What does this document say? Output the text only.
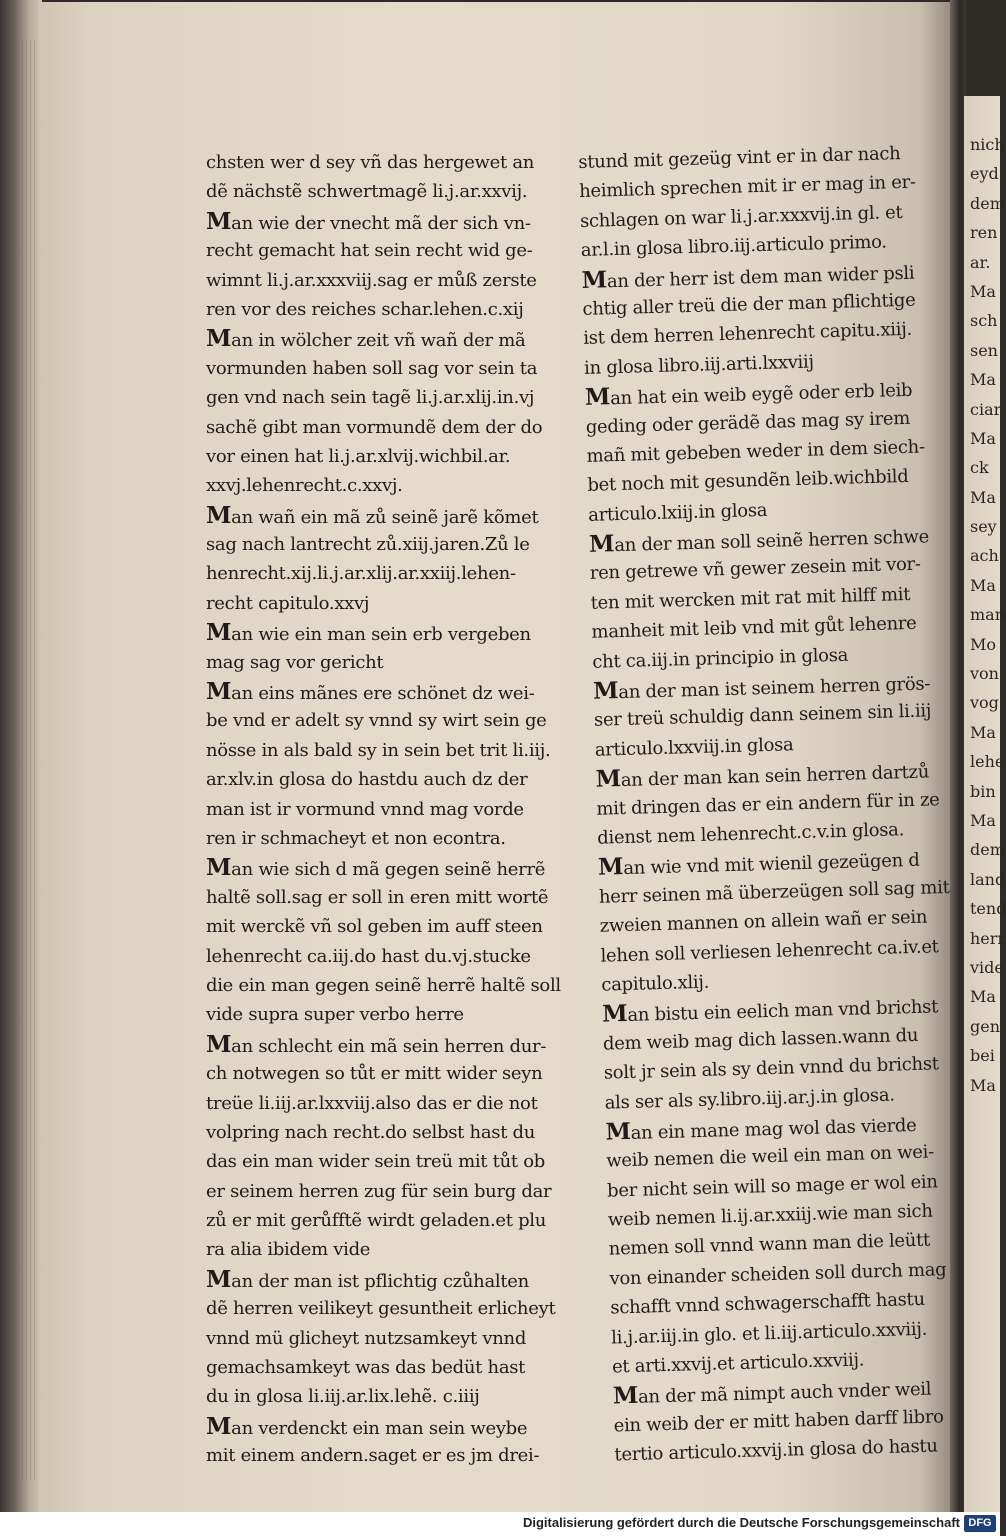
chsten wer d sey vñ das hergewet an
dẽ nächstẽ schwertmagẽ li.j.ar.xxvij.
Man wie der vnecht mã der sich vn-
recht gemacht hat sein recht wid ge-
wimnt li.j.ar.xxxviij.sag er můß zerste
ren vor des reiches schar.lehen.c.xij
Man in wölcher zeit vñ wañ der mã
vormunden haben soll sag vor sein ta
gen vnd nach sein tagẽ li.j.ar.xlij.in.vj
sachẽ gibt man vormundẽ dem der do
vor einen hat li.j.ar.xlvij.wichbil.ar.
xxvj.lehenrecht.c.xxvj.
Man wañ ein mã zů seinẽ jarẽ kõmet
sag nach lantrecht zů.xiij.jaren.Zů le
henrecht.xij.li.j.ar.xlij.ar.xxiij.lehen-
recht capitulo.xxvj
Man wie ein man sein erb vergeben
mag sag vor gericht
Man eins mãnes ere schönet dz wei-
be vnd er adelt sy vnnd sy wirt sein ge
nösse in als bald sy in sein bet trit li.iij.
ar.xlv.in glosa do hastdu auch dz der
man ist ir vormund vnnd mag vorde
ren ir schmacheyt et non econtra.
Man wie sich d mã gegen seinẽ herrẽ
haltẽ soll.sag er soll in eren mitt wortẽ
mit werckẽ vñ sol geben im auff steen
lehenrecht ca.iij.do hast du.vj.stucke
die ein man gegen seinẽ herrẽ haltẽ soll
vide supra super verbo herre
Man schlecht ein mã sein herren dur-
ch notwegen so tůt er mitt wider seyn
treüe li.iij.ar.lxxviij.also das er die not
volpring nach recht.do selbst hast du
das ein man wider sein treü mit tůt ob
er seinem herren zug für sein burg dar
zů er mit gerůfftẽ wirdt geladen.et plu
ra alia ibidem vide
Man der man ist pflichtig czůhalten
dẽ herren veilikeyt gesuntheit erlicheyt
vnnd mü glicheyt nutzsamkeyt vnnd
gemachsamkeyt was das bedüt hast
du in glosa li.iij.ar.lix.lehẽ. c.iiij
Man verdenckt ein man sein weybe
mit einem andern.saget er es jm drei-
stund mit gezeüg vint er in dar nach
heimlich sprechen mit ir er mag in er-
schlagen on war li.j.ar.xxxvij.in gl. et
ar.l.in glosa libro.iij.articulo primo.
Man der herr ist dem man wider psli
chtig aller treü die der man pflichtige
ist dem herren lehenrecht capitu.xiij.
in glosa libro.iij.arti.lxxviij
Man hat ein weib eygẽ oder erb leib
geding oder gerädẽ das mag sy irem
mañ mit gebeben weder in dem siech-
bet noch mit gesundẽn leib.wichbild
articulo.lxiij.in glosa
Man der man soll seinẽ herren schwe
ren getrewe vñ gewer zesein mit vor-
ten mit wercken mit rat mit hilff mit
manheit mit leib vnd mit gůt lehenre
cht ca.iij.in principio in glosa
Man der man ist seinem herren grös-
ser treü schuldig dann seinem sin li.iij
articulo.lxxviij.in glosa
Man der man kan sein herren dartzů
mit dringen das er ein andern für in ze
dienst nem lehenrecht.c.v.in glosa.
Man wie vnd mit wienil gezeügen d
herr seinen mã überzeügen soll sag mit
zweien mannen on allein wañ er sein
lehen soll verliesen lehenrecht ca.iv.et
capitulo.xlij.
Man bistu ein eelich man vnd brichst
dem weib mag dich lassen.wann du
solt jr sein als sy dein vnnd du brichst
als ser als sy.libro.iij.ar.j.in glosa.
Man ein mane mag wol das vierde
weib nemen die weil ein man on wei-
ber nicht sein will so mage er wol ein
weib nemen li.ij.ar.xxiij.wie man sich
nemen soll vnnd wann man die leütt
von einander scheiden soll durch mag
schafft vnnd schwagerschafft hastu
li.j.ar.iij.in glo. et li.iij.articulo.xxviij.
et arti.xxvij.et articulo.xxviij.
Man der mã nimpt auch vnder weil
ein weib der er mitt haben darff libro
tertio articulo.xxvij.in glosa do hastu
nich
eyd
dem
ren
ar.
Ma
sch
sen
Ma
ciar
Ma
ck
Ma
sey
ach
Ma
man
Mo
von
vog
Ma
lehe
bin
Ma
dem
land
tend
herr
vide
Ma
gen
bei
Ma
Digitalisierung gefördert durch die Deutsche Forschungsgemeinschaft DFG
